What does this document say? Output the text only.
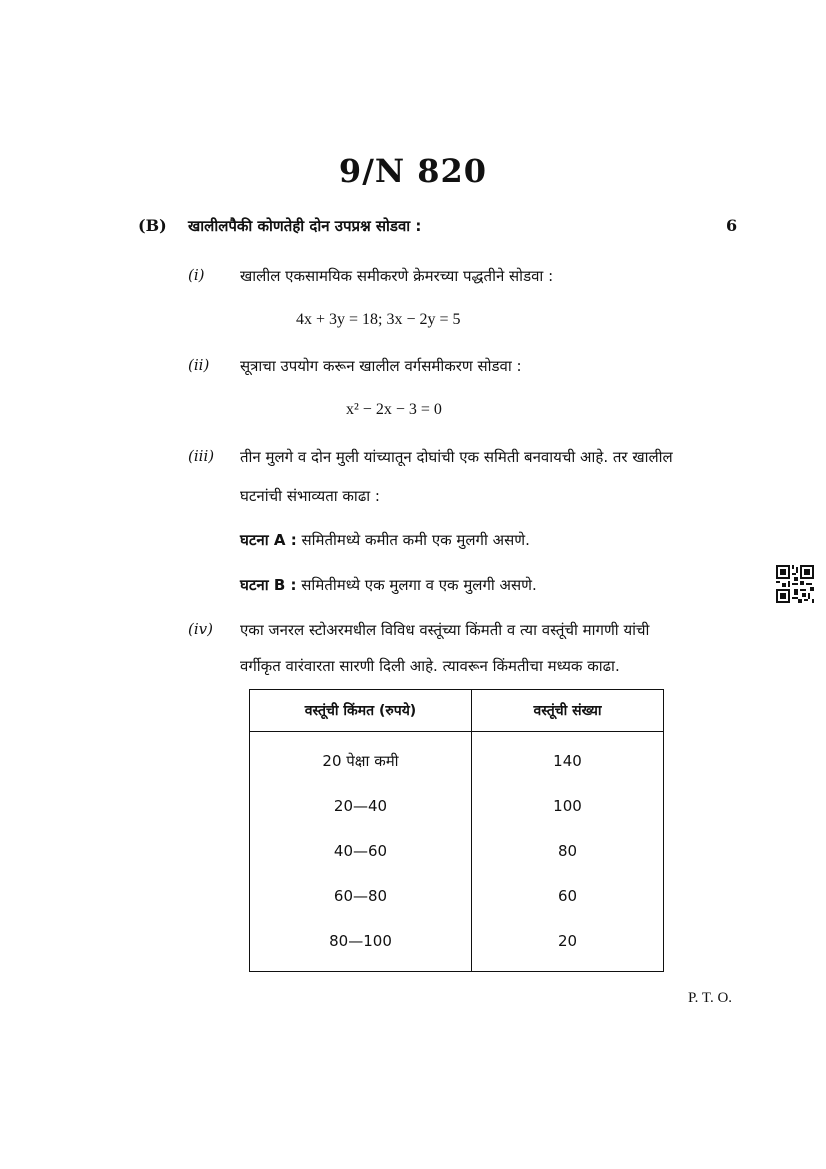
9/N 820
(B) खालीलपैकी कोणतेही दोन उपप्रश्न सोडवा :	6
(i) खालील एकसामयिक समीकरणे क्रेमरच्या पद्धतीने सोडवा :
4x + 3y = 18; 3x − 2y = 5
(ii) सूत्राचा उपयोग करून खालील वर्गसमीकरण सोडवा :
x² − 2x − 3 = 0
(iii) तीन मुलगे व दोन मुली यांच्यातून दोघांची एक समिती बनवायची आहे. तर खालील
घटनांची संभाव्यता काढा :
घटना A : समितीमध्ये कमीत कमी एक मुलगी असणे.
घटना B : समितीमध्ये एक मुलगा व एक मुलगी असणे.
(iv) एका जनरल स्टोअरमधील विविध वस्तूंच्या किंमती व त्या वस्तूंची मागणी यांची
वर्गीकृत वारंवारता सारणी दिली आहे. त्यावरून किंमतीचा मध्यक काढा.
वस्तूंची किंमत (रुपये)	वस्तूंची संख्या
20 पेक्षा कमी	140
20—40	100
40—60	80
60—80	60
80—100	20
P. T. O.
